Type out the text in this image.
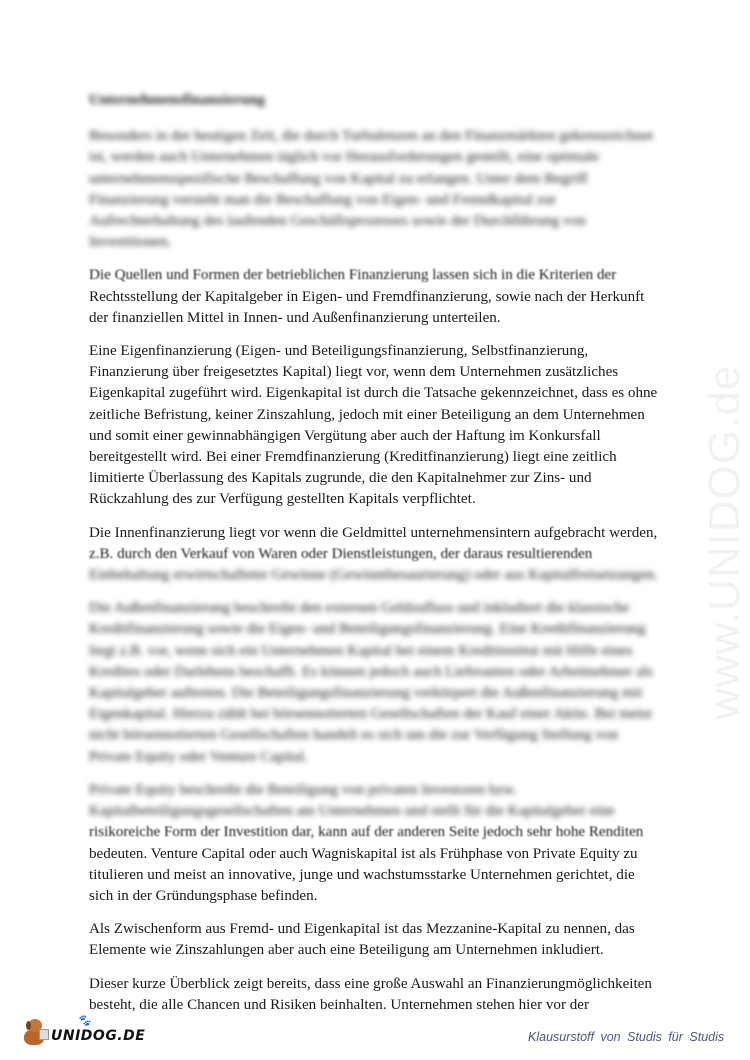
www.UNIDOG.de
Unternehmensfinanzierung

Besonders in der heutigen Zeit, die durch Turbulenzen an den Finanzmärkten gekennzeichnet
ist, werden auch Unternehmen täglich vor Herausforderungen gestellt, eine optimale
unternehmensspezifische Beschaffung von Kapital zu erlangen. Unter dem Begriff
Finanzierung versteht man die Beschaffung von Eigen- und Fremdkapital zur
Aufrechterhaltung des laufenden Geschäftsprozesses sowie der Durchführung von
Investitionen.

Die Quellen und Formen der betrieblichen Finanzierung lassen sich in die Kriterien der
Rechtsstellung der Kapitalgeber in Eigen- und Fremdfinanzierung, sowie nach der Herkunft
der finanziellen Mittel in Innen- und Außenfinanzierung unterteilen.

Eine Eigenfinanzierung (Eigen- und Beteiligungsfinanzierung, Selbstfinanzierung,
Finanzierung über freigesetztes Kapital) liegt vor, wenn dem Unternehmen zusätzliches
Eigenkapital zugeführt wird. Eigenkapital ist durch die Tatsache gekennzeichnet, dass es ohne
zeitliche Befristung, keiner Zinszahlung, jedoch mit einer Beteiligung an dem Unternehmen
und somit einer gewinnabhängigen Vergütung aber auch der Haftung im Konkursfall
bereitgestellt wird. Bei einer Fremdfinanzierung (Kreditfinanzierung) liegt eine zeitlich
limitierte Überlassung des Kapitals zugrunde, die den Kapitalnehmer zur Zins- und
Rückzahlung des zur Verfügung gestellten Kapitals verpflichtet.

Die Innenfinanzierung liegt vor wenn die Geldmittel unternehmensintern aufgebracht werden,
z.B. durch den Verkauf von Waren oder Dienstleistungen, der daraus resultierenden
Einbehaltung erwirtschafteter Gewinne (Gewinnthesaurierung) oder aus Kapitalfreisetzungen.

Die Außenfinanzierung beschreibt den externen Geldzufluss und inkludiert die klassische
Kreditfinanzierung sowie die Eigen- und Beteiligungsfinanzierung. Eine Kreditfinanzierung
liegt z.B. vor, wenn sich ein Unternehmen Kapital bei einem Kreditinstitut mit Hilfe eines
Kredites oder Darlehens beschafft. Es können jedoch auch Lieferanten oder Arbeitnehmer als
Kapitalgeber auftreten. Die Beteiligungsfinanzierung verkörpert die Außenfinanzierung mit
Eigenkapital. Hierzu zählt bei börsennotierten Gesellschaften der Kauf einer Aktie. Bei meist
nicht börsennotierten Gesellschaften handelt es sich um die zur Verfügung Stellung von
Private Equity oder Venture Capital.

Private Equity beschreibt die Beteiligung von privaten Investoren bzw.
Kapitalbeteiligungsgesellschaften am Unternehmen und stellt für die Kapitalgeber eine
risikoreiche Form der Investition dar, kann auf der anderen Seite jedoch sehr hohe Renditen
bedeuten. Venture Capital oder auch Wagniskapital ist als Frühphase von Private Equity zu
titulieren und meist an innovative, junge und wachstumsstarke Unternehmen gerichtet, die
sich in der Gründungsphase befinden.

Als Zwischenform aus Fremd- und Eigenkapital ist das Mezzanine-Kapital zu nennen, das
Elemente wie Zinszahlungen aber auch eine Beteiligung am Unternehmen inkludiert.

Dieser kurze Überblick zeigt bereits, dass eine große Auswahl an Finanzierungmöglichkeiten
besteht, die alle Chancen und Risiken beinhalten. Unternehmen stehen hier vor der

🐾
UNIDOG.DE	Klausurstoff von Studis für Studis
